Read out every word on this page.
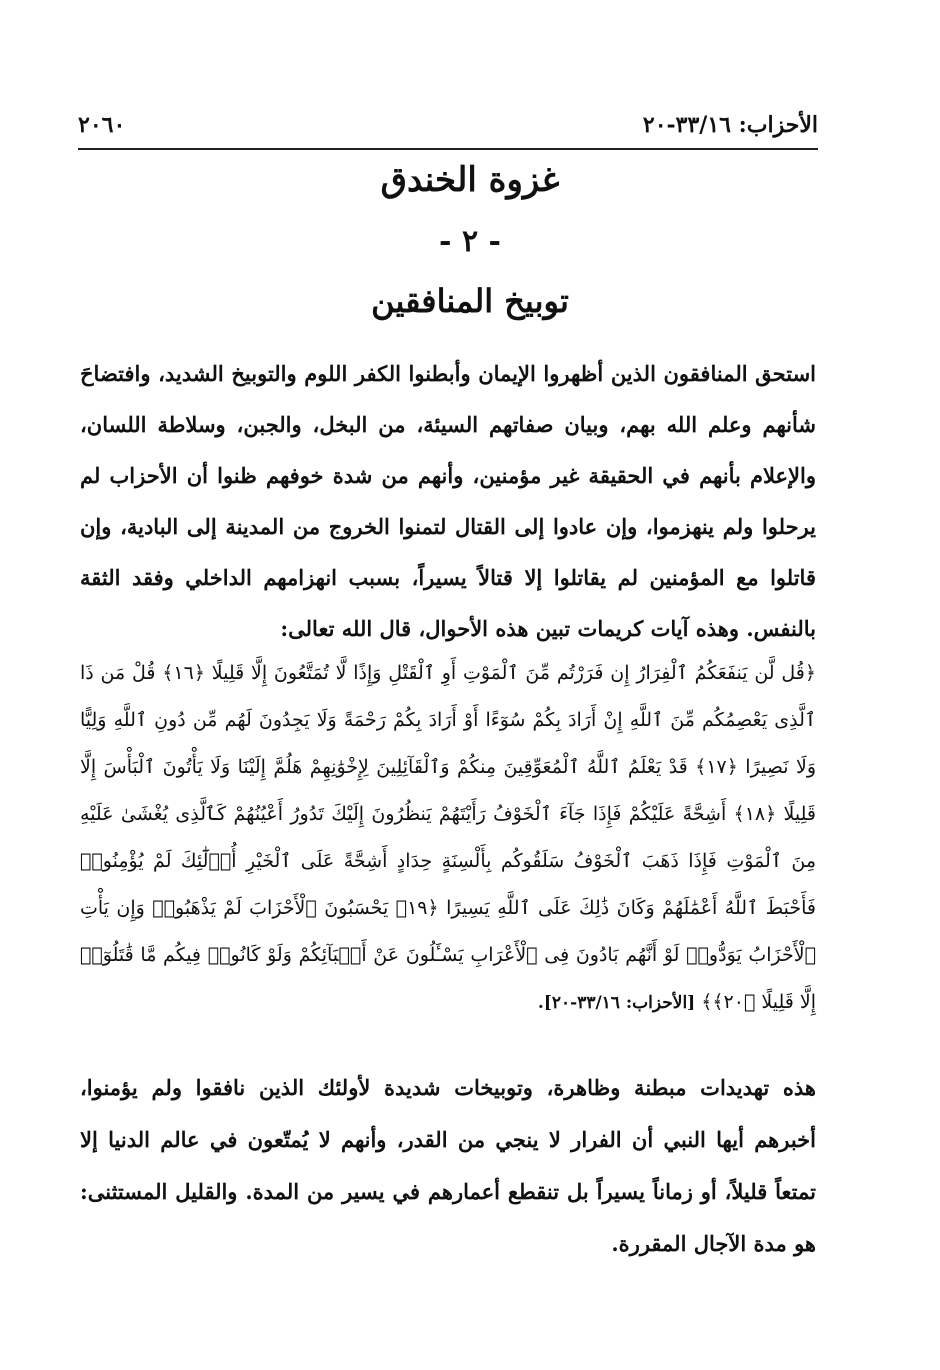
الأحزاب: ٣٣/١٦-٢٠
٢٠٦٠
غزوة الخندق
- ٢ -
توبيخ المنافقين

استحق المنافقون الذين أظهروا الإيمان وأبطنوا الكفر اللوم والتوبيخ الشديد، وافتضاحَ شأنهم وعلم الله بهم، وبيان صفاتهم السيئة، من البخل، والجبن، وسلاطة اللسان، والإعلام بأنهم في الحقيقة غير مؤمنين، وأنهم من شدة خوفهم ظنوا أن الأحزاب لم يرحلوا ولم ينهزموا، وإن عادوا إلى القتال لتمنوا الخروج من المدينة إلى البادية، وإن قاتلوا مع المؤمنين لم يقاتلوا إلا قتالاً يسيراً، بسبب انهزامهم الداخلي وفقد الثقة بالنفس. وهذه آيات كريمات تبين هذه الأحوال، قال الله تعالى:

﴿قُل لَّن يَنفَعَكُمُ ٱلْفِرَارُ إِن فَرَرْتُم مِّنَ ٱلْمَوْتِ أَوِ ٱلْقَتْلِ وَإِذًا لَّا تُمَتَّعُونَ إِلَّا قَلِيلًا ﴿١٦﴾ قُلْ مَن ذَا ٱلَّذِى يَعْصِمُكُم مِّنَ ٱللَّهِ إِنْ أَرَادَ بِكُمْ سُوٓءًا أَوْ أَرَادَ بِكُمْ رَحْمَةً وَلَا يَجِدُونَ لَهُم مِّن دُونِ ٱللَّهِ وَلِيًّا وَلَا نَصِيرًا ﴿١٧﴾ قَدْ يَعْلَمُ ٱللَّهُ ٱلْمُعَوِّقِينَ مِنكُمْ وَٱلْقَآئِلِينَ لِإِخْوَٰنِهِمْ هَلُمَّ إِلَيْنَا وَلَا يَأْتُونَ ٱلْبَأْسَ إِلَّا قَلِيلًا ﴿١٨﴾ أَشِحَّةً عَلَيْكُمْ فَإِذَا جَآءَ ٱلْخَوْفُ رَأَيْتَهُمْ يَنظُرُونَ إِلَيْكَ تَدُورُ أَعْيُنُهُمْ كَٱلَّذِى يُغْشَىٰ عَلَيْهِ مِنَ ٱلْمَوْتِ فَإِذَا ذَهَبَ ٱلْخَوْفُ سَلَقُوكُم بِأَلْسِنَةٍ حِدَادٍ أَشِحَّةً عَلَى ٱلْخَيْرِ أُو۟لَٰٓئِكَ لَمْ يُؤْمِنُوا۟ فَأَحْبَطَ ٱللَّهُ أَعْمَٰلَهُمْ وَكَانَ ذَٰلِكَ عَلَى ٱللَّهِ يَسِيرًا ﴿١٩﴾ يَحْسَبُونَ ٱلْأَحْزَابَ لَمْ يَذْهَبُوا۟ وَإِن يَأْتِ ٱلْأَحْزَابُ يَوَدُّوا۟ لَوْ أَنَّهُم بَادُونَ فِى ٱلْأَعْرَابِ يَسْـَٔلُونَ عَنْ أَنۢبَآئِكُمْ وَلَوْ كَانُوا۟ فِيكُم مَّا قَٰتَلُوٓا۟ إِلَّا قَلِيلًا ﴿٢٠﴾﴾ [الأحزاب: ٣٣/١٦-٢٠].

هذه تهديدات مبطنة وظاهرة، وتوبيخات شديدة لأولئك الذين نافقوا ولم يؤمنوا، أخبرهم أيها النبي أن الفرار لا ينجي من القدر، وأنهم لا يُمتّعون في عالم الدنيا إلا تمتعاً قليلاً، أو زماناً يسيراً بل تنقطع أعمارهم في يسير من المدة. والقليل المستثنى: هو مدة الآجال المقررة.
